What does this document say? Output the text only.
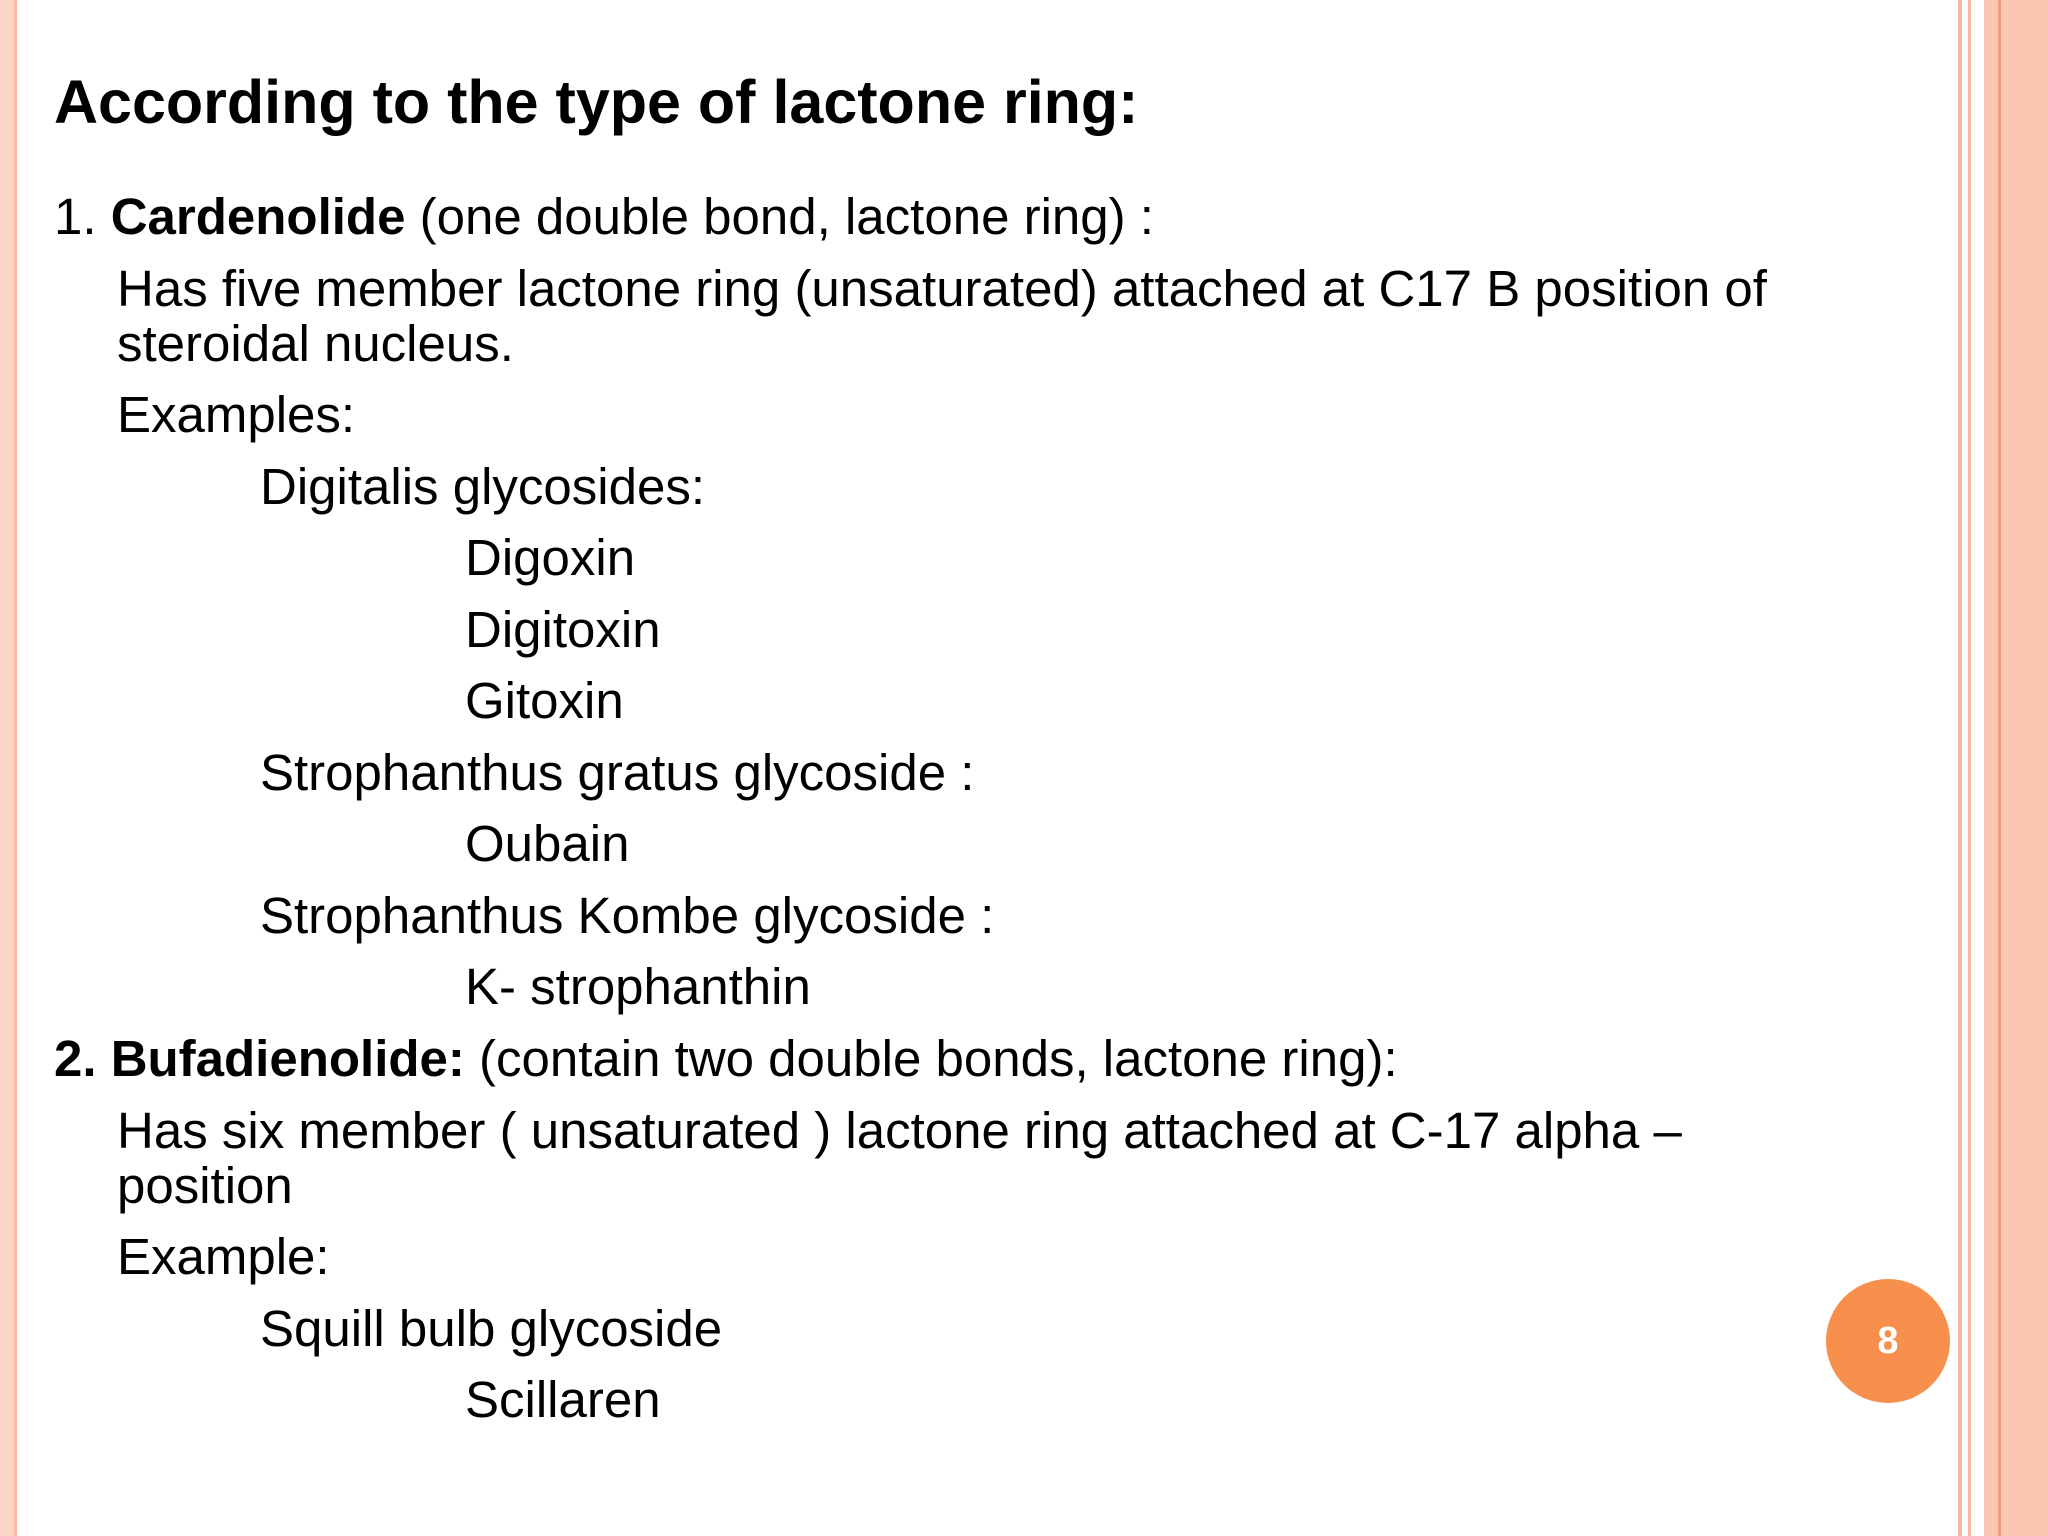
According to the type of lactone ring:
1. Cardenolide (one double bond, lactone ring) :
Has five member lactone ring (unsaturated) attached at C17 B position of
steroidal nucleus.
Examples:
Digitalis glycosides:
Digoxin
Digitoxin
Gitoxin
Strophanthus gratus glycoside :
Oubain
Strophanthus Kombe glycoside :
K- strophanthin
2. Bufadienolide: (contain two double bonds, lactone ring):
Has six member ( unsaturated ) lactone ring attached at C-17 alpha –
position
Example:
Squill bulb glycoside
Scillaren
8
